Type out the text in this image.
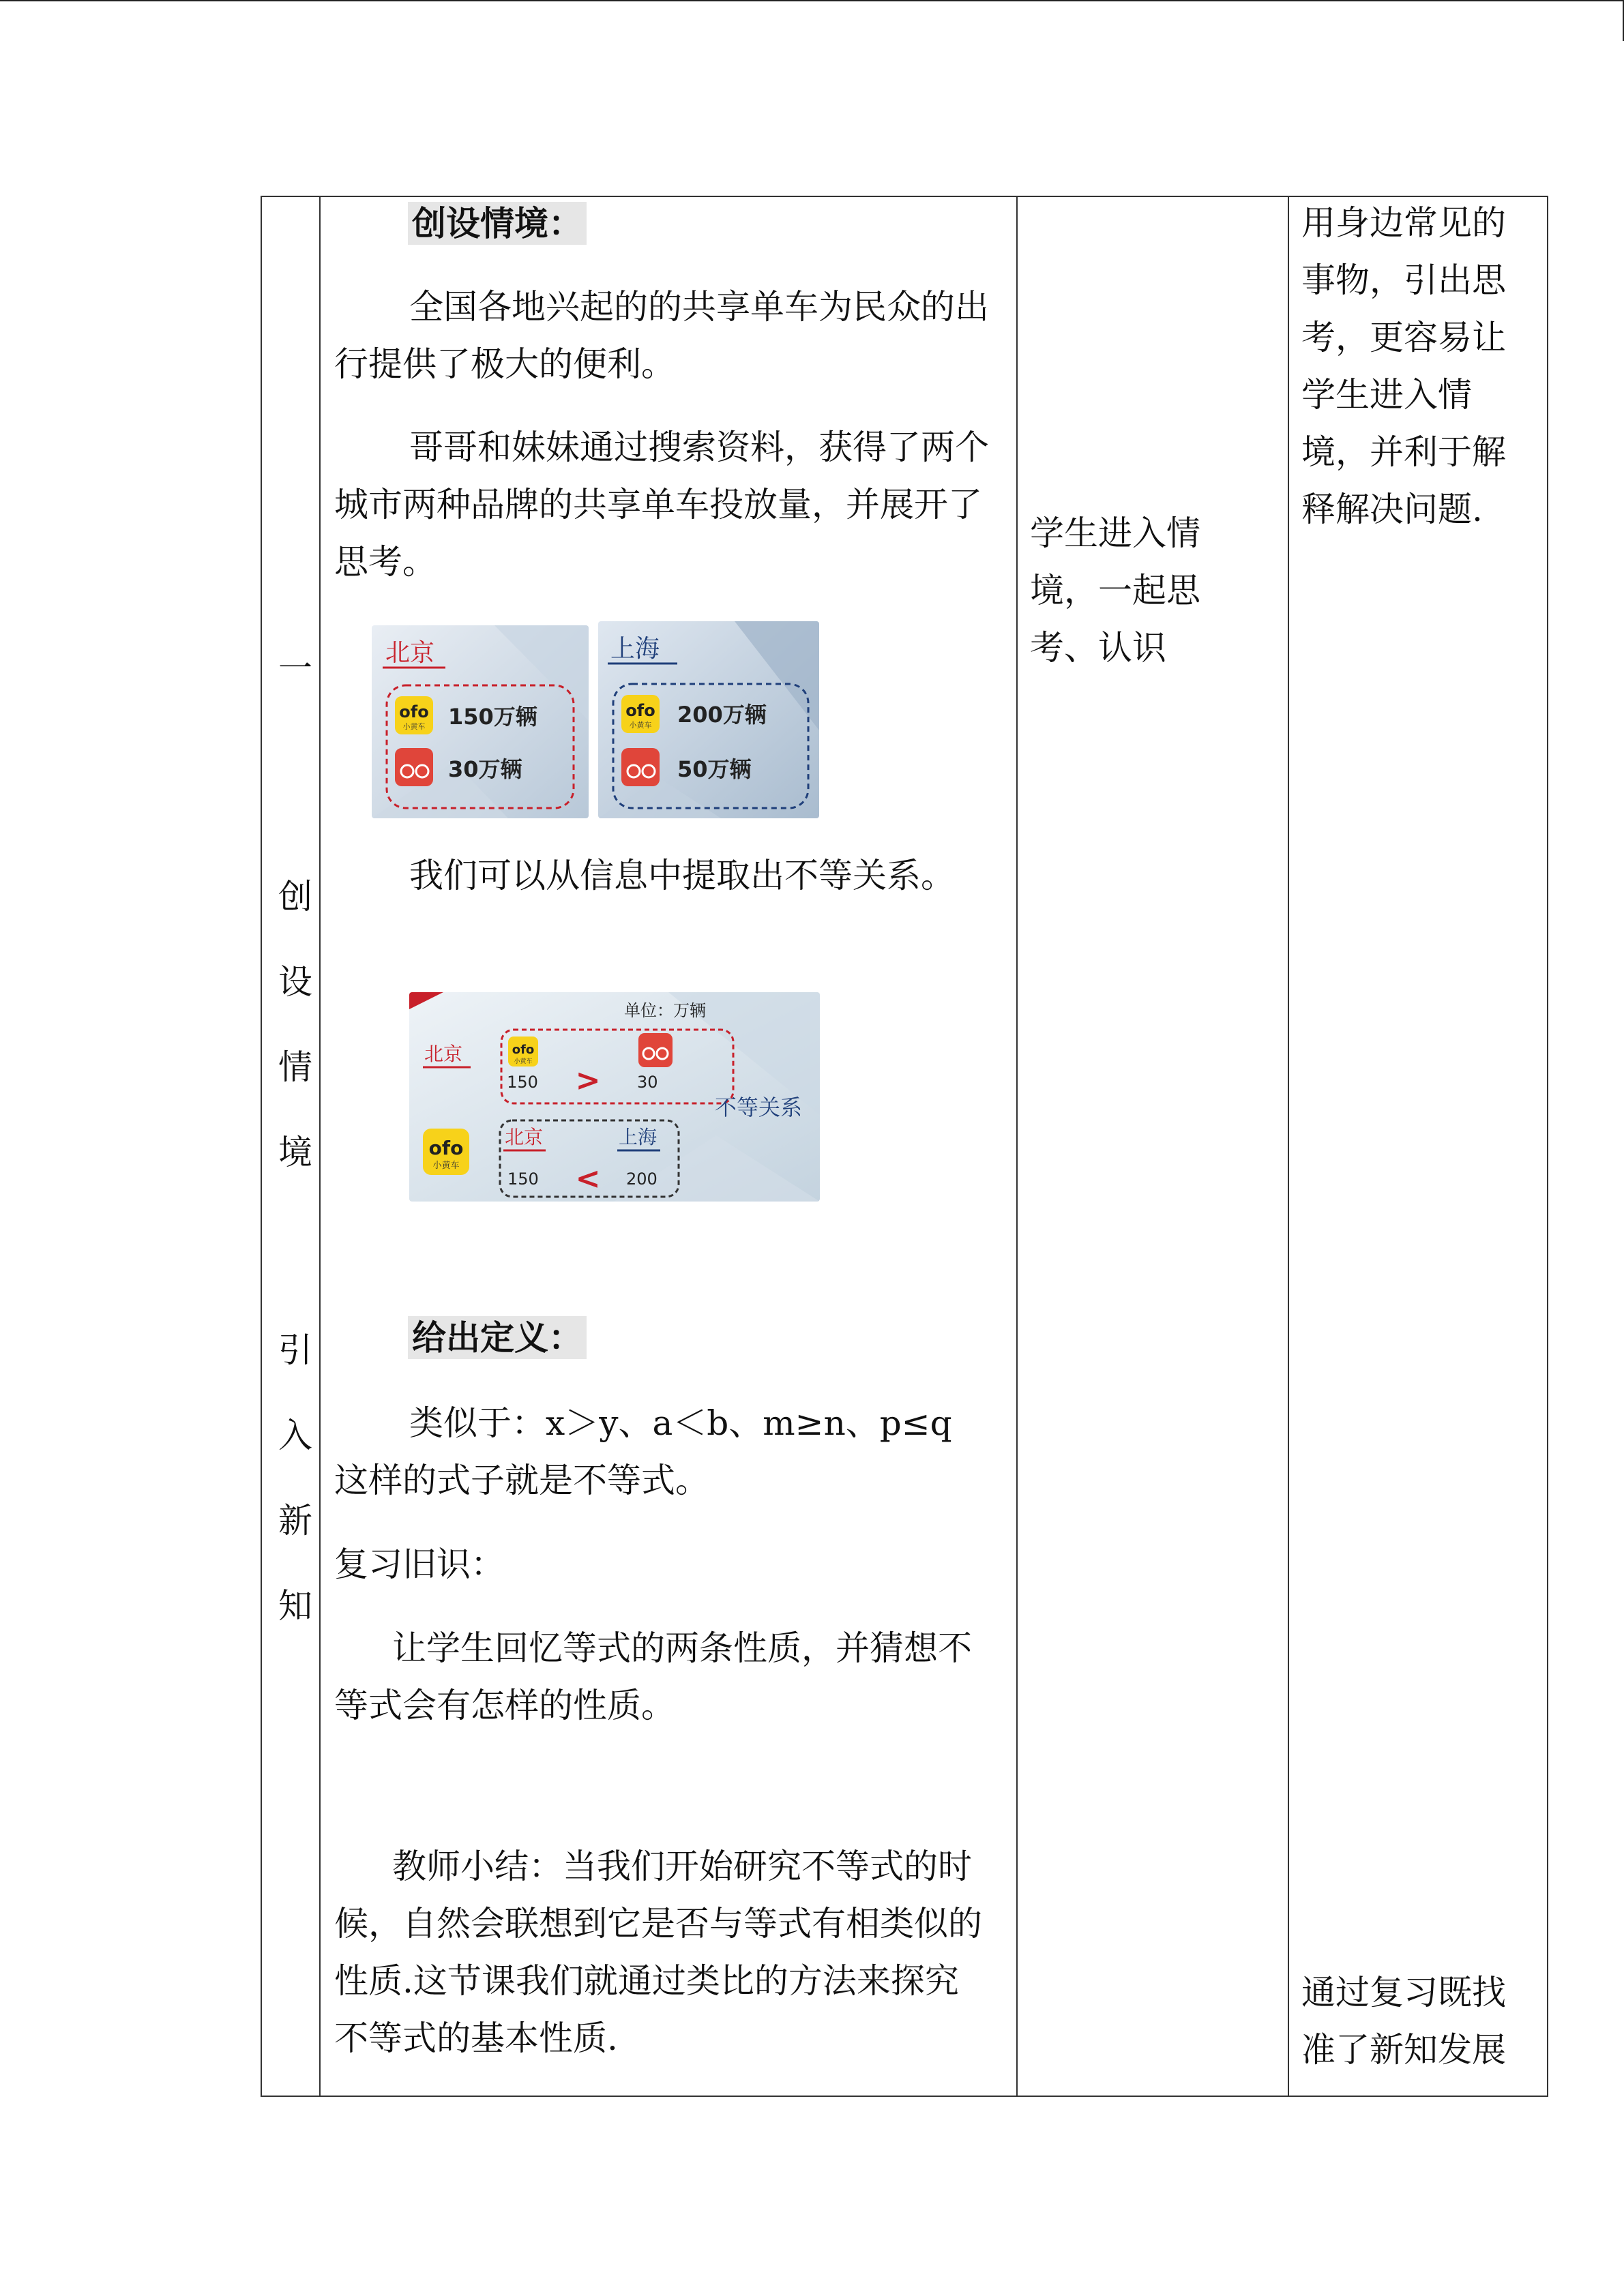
一
创
设
情
境
引
入
新
知
创设情境：
全国各地兴起的的共享单车为民众的出行提供了极大的便利。
哥哥和妹妹通过搜索资料，获得了两个城市两种品牌的共享单车投放量，并展开了思考。
北京
ofo
小黄车 150万辆
30万辆
上海
ofo
小黄车 200万辆
50万辆
我们可以从信息中提取出不等关系。
单位：万辆
北京	ofo
小黄车
150 > 30
不等关系
ofo
小黄车
北京	上海
150 < 200
给出定义：
类似于：x＞y、a＜b、m≥n、p≤q 这样的式子就是不等式。
复习旧识：
让学生回忆等式的两条性质，并猜想不等式会有怎样的性质。
教师小结：当我们开始研究不等式的时候，自然会联想到它是否与等式有相类似的性质.这节课我们就通过类比的方法来探究不等式的基本性质.
学生进入情境，一起思考、认识
用身边常见的事物，引出思考，更容易让学生进入情境，并利于解释解决问题.
通过复习既找准了新知发展
